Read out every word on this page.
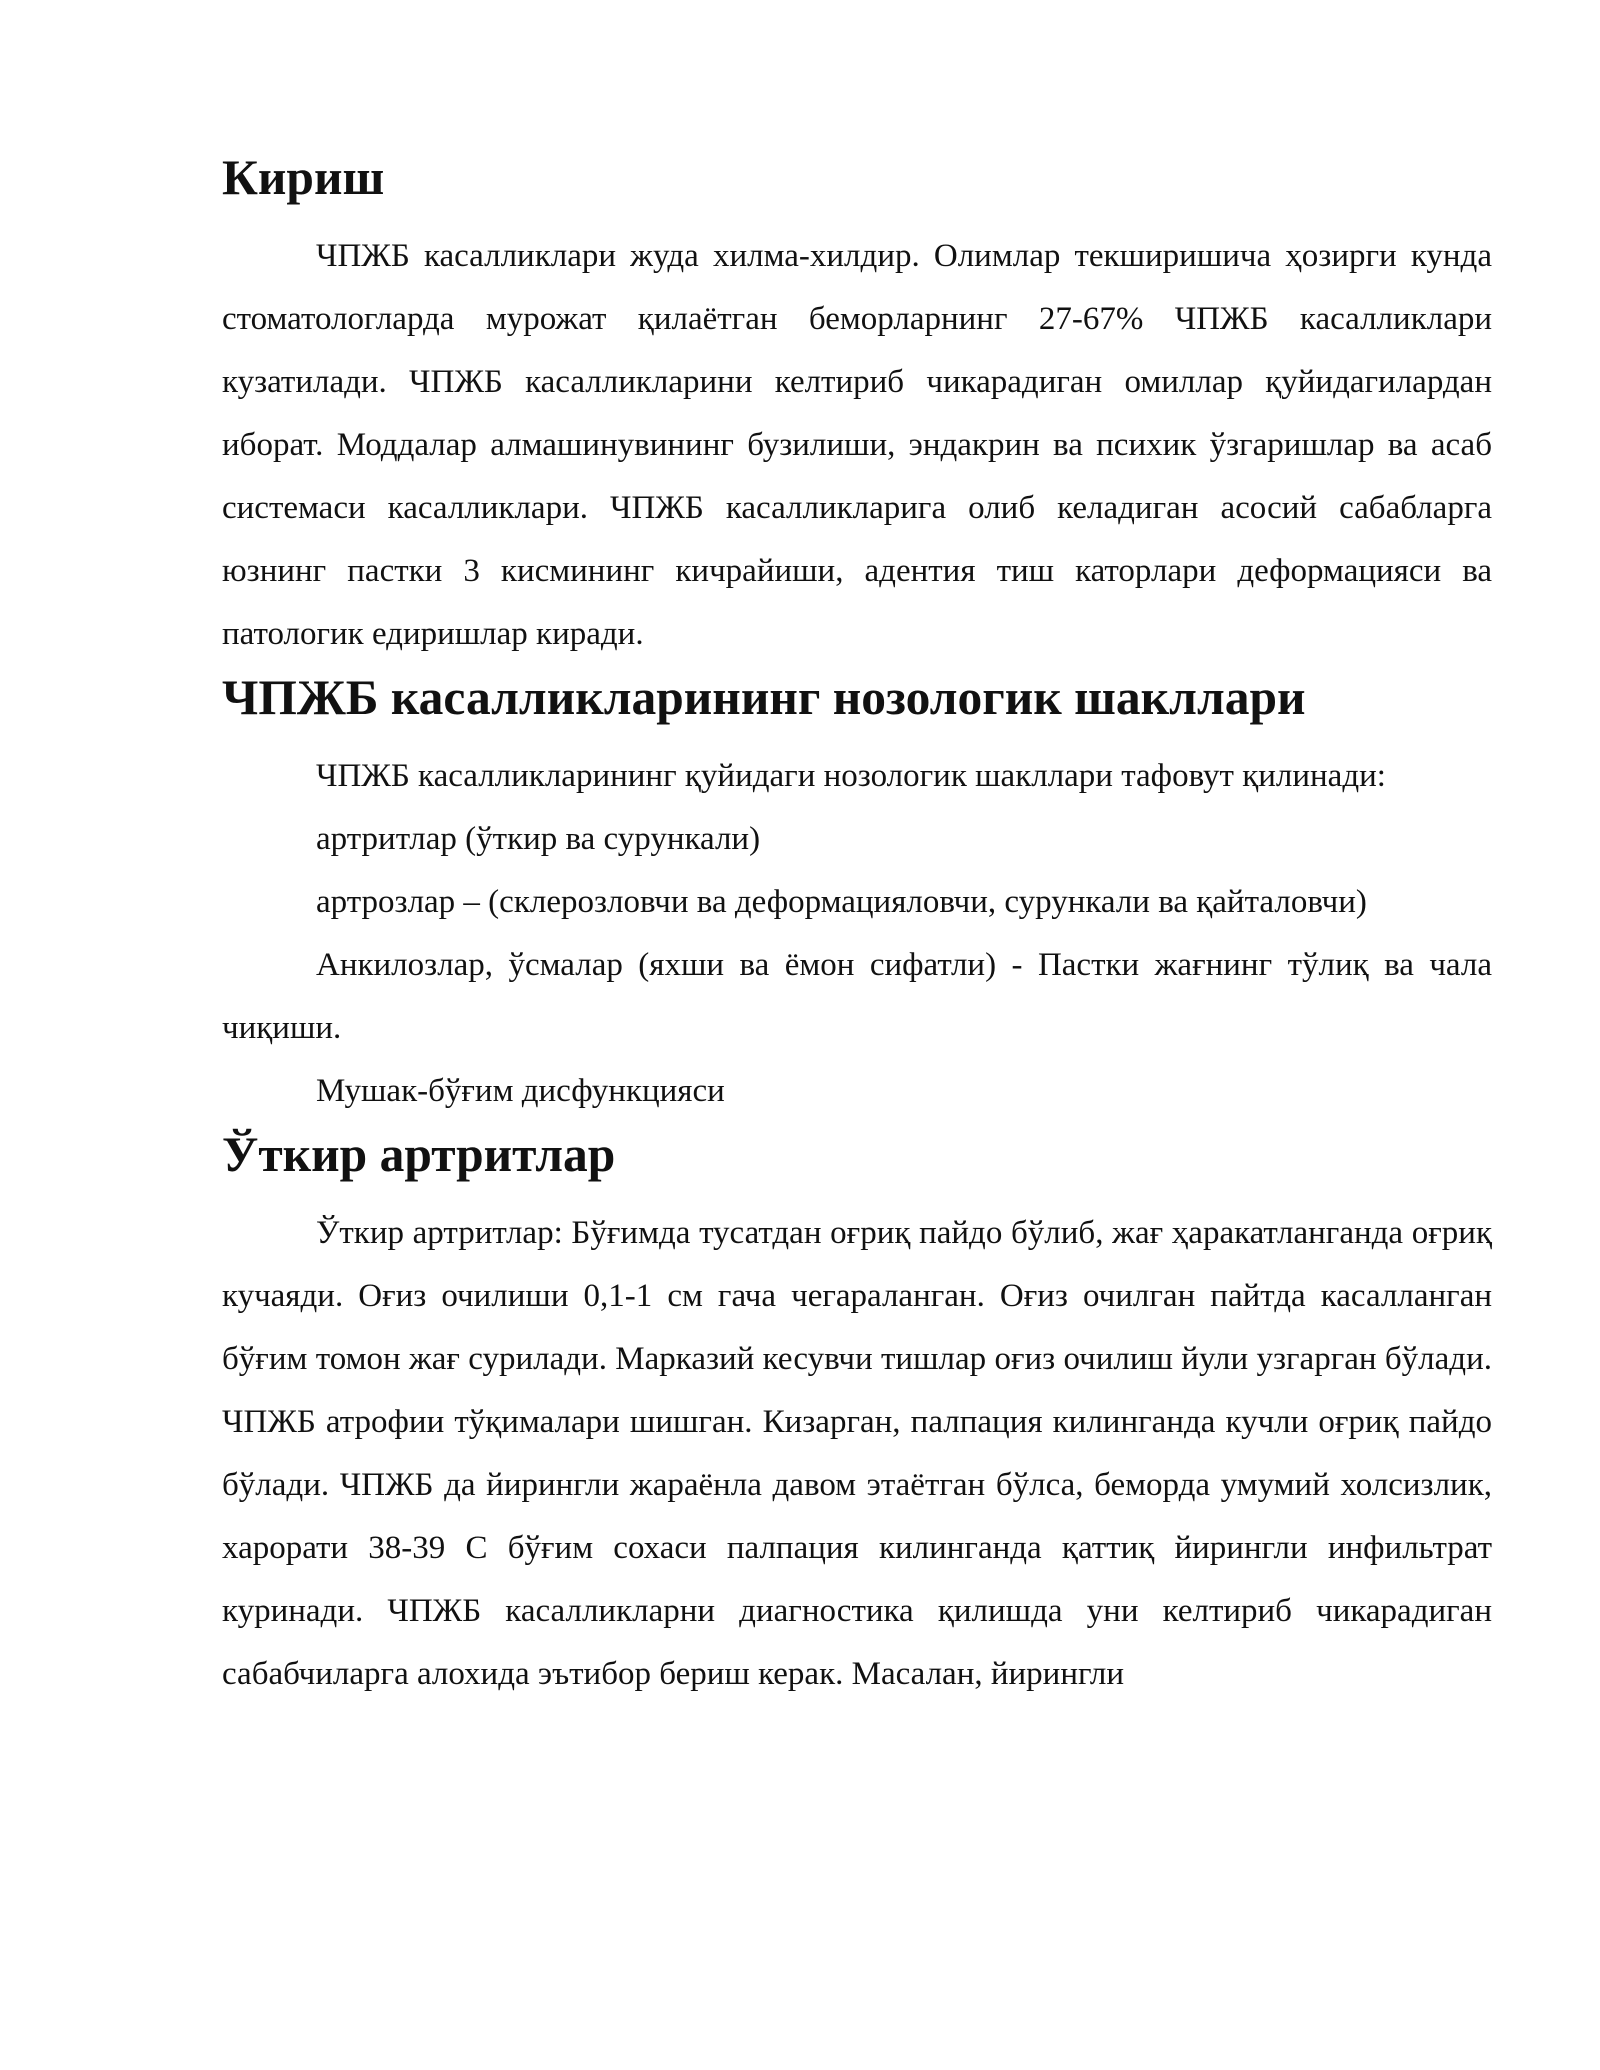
Кириш

ЧПЖБ касалликлари жуда хилма-хилдир. Олимлар текширишича ҳозирги кунда стоматологларда мурожат қилаётган беморларнинг 27-67% ЧПЖБ касалликлари кузатилади. ЧПЖБ касалликларини келтириб чикарадиган омиллар қуйидагилардан иборат. Моддалар алмашинувининг бузилиши, эндакрин ва психик ўзгаришлар ва асаб системаси касалликлари. ЧПЖБ касалликларига олиб келадиган асосий сабабларга юзнинг пастки 3 кисмининг кичрайиши, адентия тиш каторлари деформацияси ва патологик едиришлар киради.

ЧПЖБ касалликларининг нозологик шакллари

ЧПЖБ касалликларининг қуйидаги нозологик шакллари тафовут қилинади:

артритлар (ўткир ва сурункали)

артрозлар – (склерозловчи ва деформацияловчи, сурункали ва қайталовчи)

Анкилозлар, ўсмалар (яхши ва ёмон сифатли) - Пастки жағнинг тўлиқ ва чала чиқиши.

Мушак-бўғим дисфункцияси

Ўткир артритлар

Ўткир артритлар: Бўғимда тусатдан оғриқ пайдо бўлиб, жағ ҳаракатланганда оғриқ кучаяди. Оғиз очилиши 0,1-1 см гача чегараланган. Оғиз очилган пайтда касалланган бўғим томон жағ сурилади. Марказий кесувчи тишлар оғиз очилиш йули узгарган бўлади. ЧПЖБ атрофии тўқималари шишган. Кизарган, палпация килинганда кучли оғриқ пайдо бўлади. ЧПЖБ да йирингли жараёнла давом этаётган бўлса, беморда умумий холсизлик, харорати 38-39 С бўғим сохаси палпация килинганда қаттиқ йирингли инфильтрат куринади. ЧПЖБ касалликларни диагностика қилишда уни келтириб чикарадиган сабабчиларга алохида эътибор бериш керак. Масалан, йирингли
